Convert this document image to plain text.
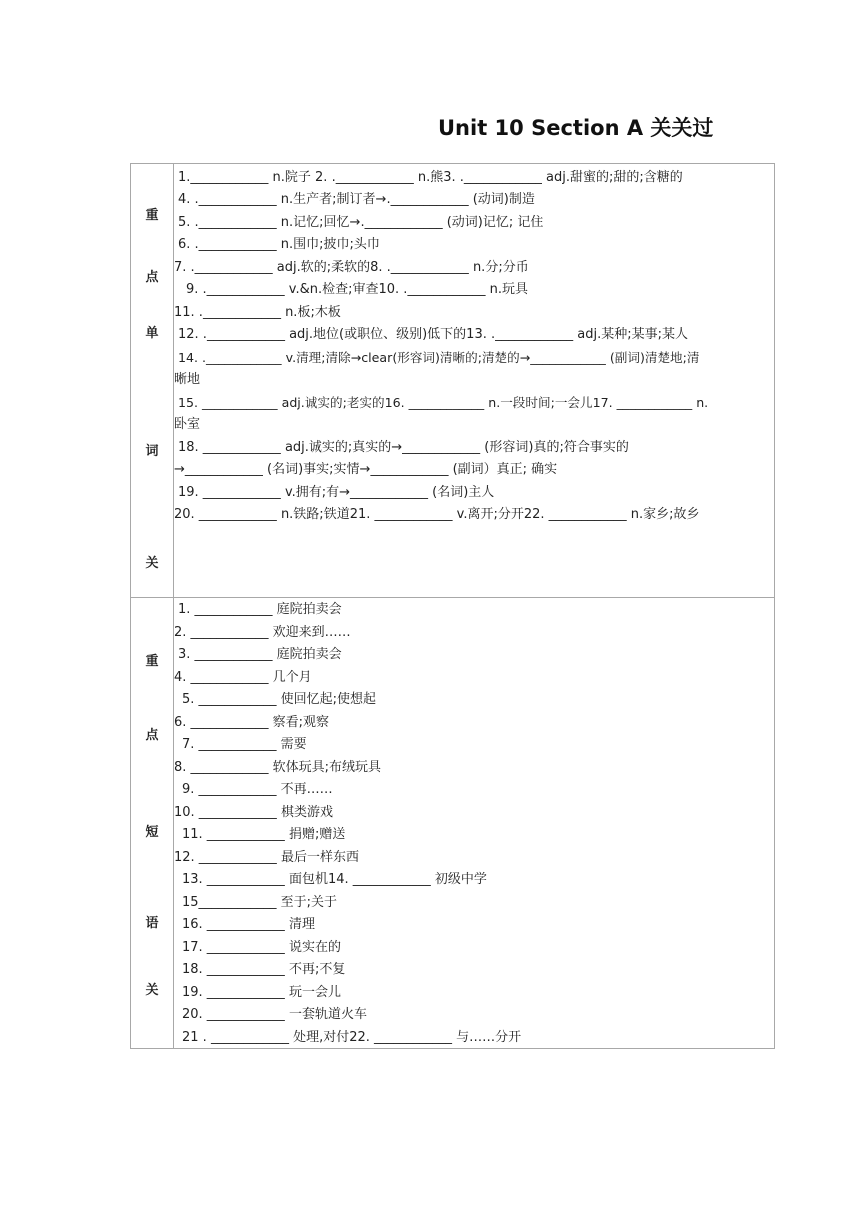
Unit 10 Section A 关关过
重
点
单
词
关
1.____________ n.院子 2. .____________ n.熊3. .____________ adj.甜蜜的;甜的;含糖的
4. .____________ n.生产者;制订者→.____________ (动词)制造
5. .____________ n.记忆;回忆→.____________ (动词)记忆; 记住
6. .____________ n.围巾;披巾;头巾
7. .____________ adj.软的;柔软的8. .____________ n.分;分币
9. .____________ v.&n.检查;审查10. .____________ n.玩具
11. .____________ n.板;木板
12. .____________ adj.地位(或职位、级别)低下的13. .____________ adj.某种;某事;某人
14. .____________ v.清理;清除→clear(形容词)清晰的;清楚的→____________ (副词)清楚地;清
晰地
15. ____________ adj.诚实的;老实的16. ____________ n.一段时间;一会儿17. ____________ n.
卧室
18. ____________ adj.诚实的;真实的→____________ (形容词)真的;符合事实的
→____________ (名词)事实;实情→____________ (副词）真正; 确实
19. ____________ v.拥有;有→____________ (名词)主人
20. ____________ n.铁路;铁道21. ____________ v.离开;分开22. ____________ n.家乡;故乡
重
点
短
语
关
1. ____________ 庭院拍卖会
2. ____________ 欢迎来到……
3. ____________ 庭院拍卖会
4. ____________ 几个月
5. ____________ 使回忆起;使想起
6. ____________ 察看;观察
7. ____________ 需要
8. ____________ 软体玩具;布绒玩具
9. ____________ 不再……
10. ____________ 棋类游戏
11. ____________ 捐赠;赠送
12. ____________ 最后一样东西
13. ____________ 面包机14. ____________ 初级中学
15____________ 至于;关于
16. ____________ 清理
17. ____________ 说实在的
18. ____________ 不再;不复
19. ____________ 玩一会儿
20. ____________ 一套轨道火车
21 . ____________ 处理,对付22. ____________ 与……分开
